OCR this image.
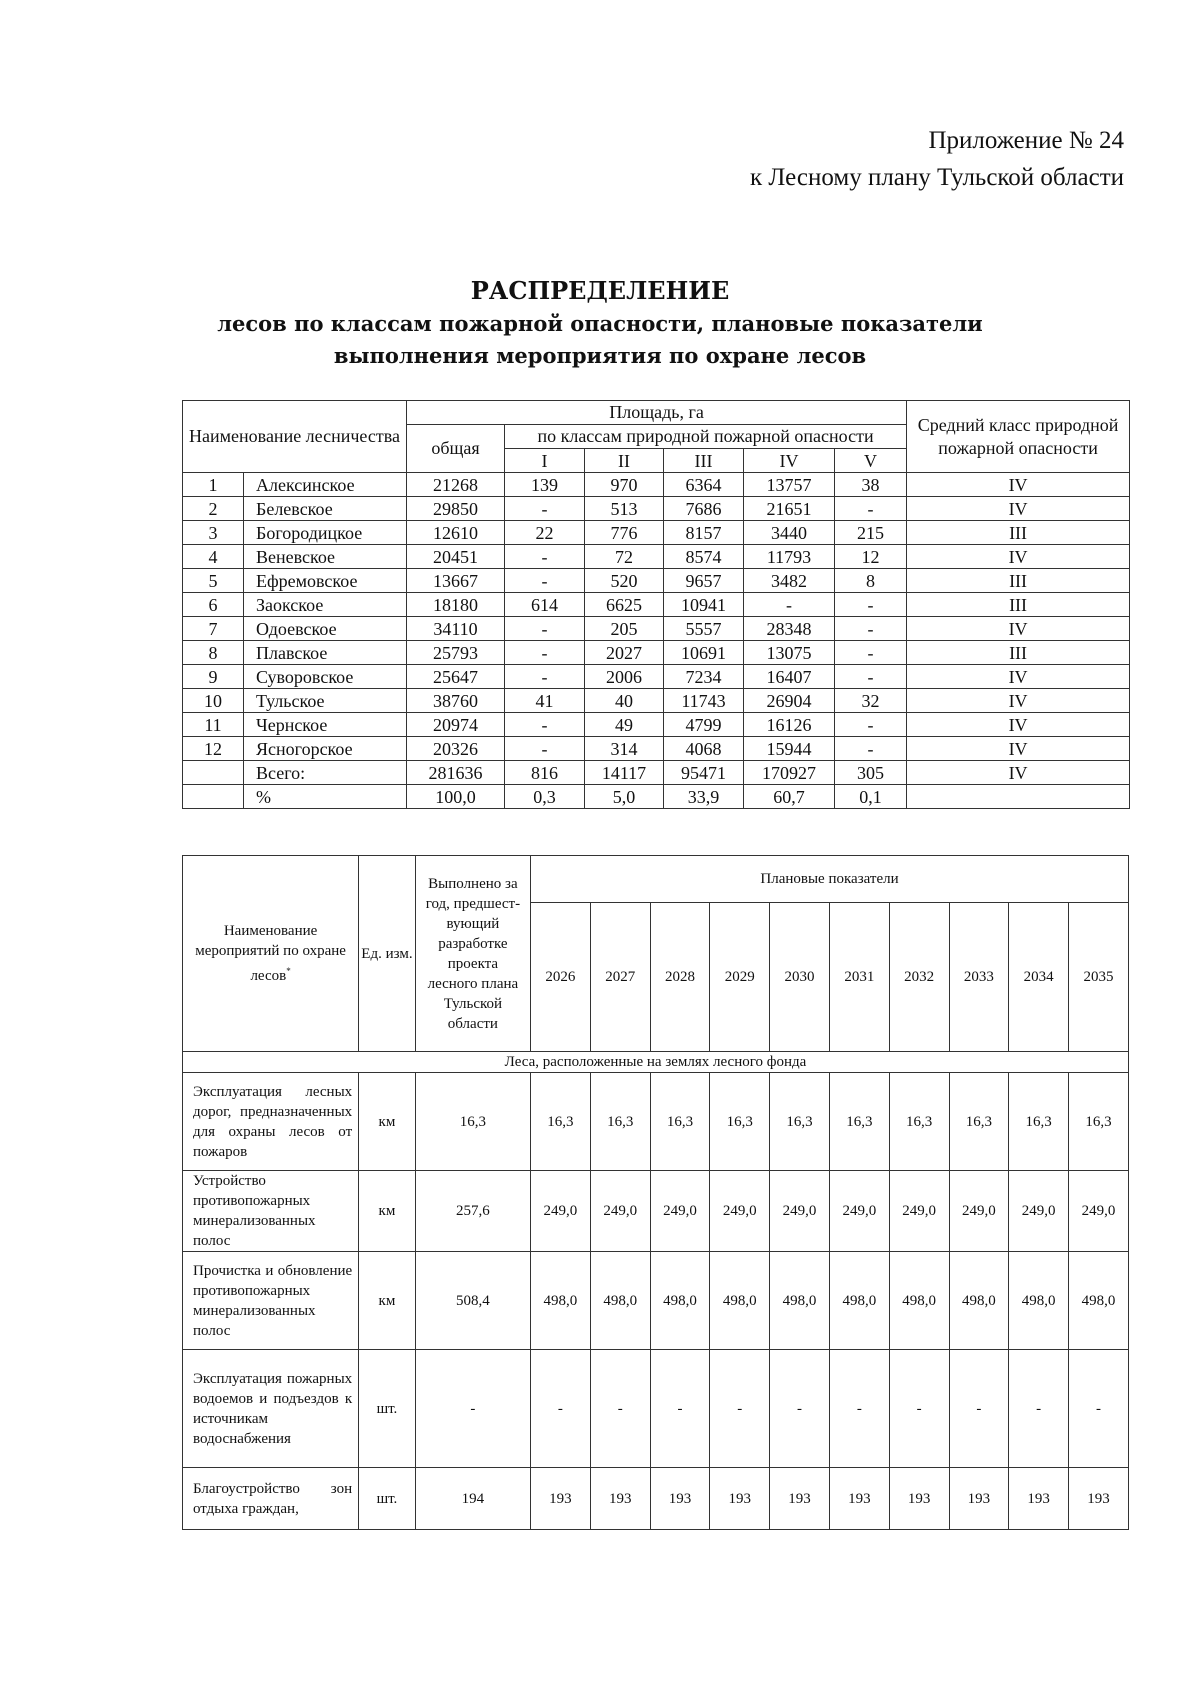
Приложение № 24
к Лесному плану Тульской области
РАСПРЕДЕЛЕНИЕ
лесов по классам пожарной опасности, плановые показатели
выполнения мероприятия по охране лесов
Наименование лесничества		Площадь, га						Средний класс природной пожарной опасности
		общая	по классам природной пожарной опасности					
			I	II	III	IV	V	
1	Алексинское	21268	139	970	6364	13757	38	IV
2	Белевское	29850	-	513	7686	21651	-	IV
3	Богородицкое	12610	22	776	8157	3440	215	III
4	Веневское	20451	-	72	8574	11793	12	IV
5	Ефремовское	13667	-	520	9657	3482	8	III
6	Заокское	18180	614	6625	10941	-	-	III
7	Одоевское	34110	-	205	5557	28348	-	IV
8	Плавское	25793	-	2027	10691	13075	-	III
9	Суворовское	25647	-	2006	7234	16407	-	IV
10	Тульское	38760	41	40	11743	26904	32	IV
11	Чернское	20974	-	49	4799	16126	-	IV
12	Ясногорское	20326	-	314	4068	15944	-	IV
	Всего:	281636	816	14117	95471	170927	305	IV
	%	100,0	0,3	5,0	33,9	60,7	0,1	
Наименование мероприятий по охране лесов*	Ед. изм.	Выполнено за год, предшест-вующий разработке проекта лесного плана Тульской области	Плановые показатели									
			2026	2027	2028	2029	2030	2031	2032	2033	2034	2035
Леса, расположенные на землях лесного фонда												
Эксплуатация лесных дорог, предназначенных для охраны лесов от пожаров	км	16,3	16,3	16,3	16,3	16,3	16,3	16,3	16,3	16,3	16,3	16,3
Устройство противопожарных минерализованных полос	км	257,6	249,0	249,0	249,0	249,0	249,0	249,0	249,0	249,0	249,0	249,0
Прочистка и обновление противопожарных минерализованных полос	км	508,4	498,0	498,0	498,0	498,0	498,0	498,0	498,0	498,0	498,0	498,0
Эксплуатация пожарных водоемов и подъездов к источникам водоснабжения	шт.	-	-	-	-	-	-	-	-	-	-	-
Благоустройство зон отдыха граждан,	шт.	194	193	193	193	193	193	193	193	193	193	193
